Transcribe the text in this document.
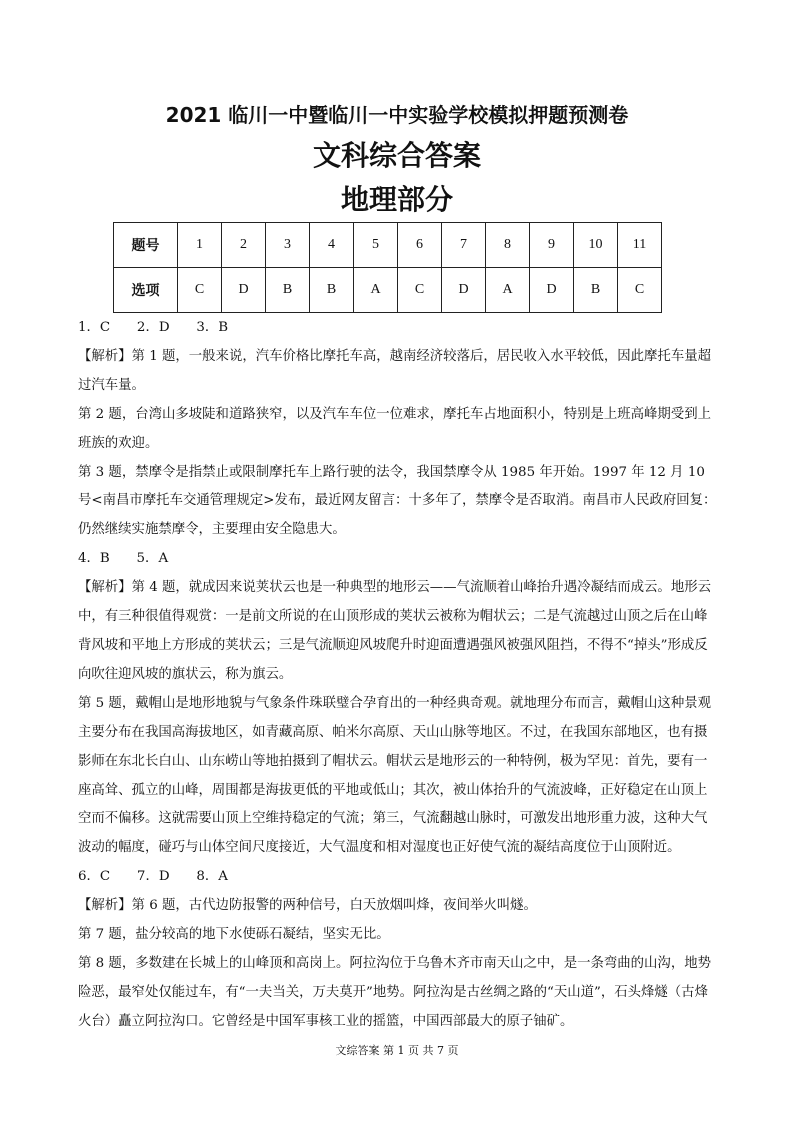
2021 临川一中暨临川一中实验学校模拟押题预测卷
文科综合答案
地理部分
题号	1	2	3	4	5	6	7	8	9	10	11
选项	C	D	B	B	A	C	D	A	D	B	C

1．C　　2．D　　3．B

【解析】第 1 题，一般来说，汽车价格比摩托车高，越南经济较落后，居民收入水平较低，因此摩托车量超过汽车量。

第 2 题，台湾山多坡陡和道路狭窄，以及汽车车位一位难求，摩托车占地面积小，特别是上班高峰期受到上班族的欢迎。

第 3 题，禁摩令是指禁止或限制摩托车上路行驶的法令，我国禁摩令从 1985 年开始。1997 年 12 月 10 号<南昌市摩托车交通管理规定>发布，最近网友留言：十多年了，禁摩令是否取消。南昌市人民政府回复：仍然继续实施禁摩令，主要理由安全隐患大。

4．B　　5．A

【解析】第 4 题，就成因来说荚状云也是一种典型的地形云——气流顺着山峰抬升遇冷凝结而成云。地形云中，有三种很值得观赏：一是前文所说的在山顶形成的荚状云被称为帽状云；二是气流越过山顶之后在山峰背风坡和平地上方形成的荚状云；三是气流顺迎风坡爬升时迎面遭遇强风被强风阻挡，不得不“掉头”形成反向吹往迎风坡的旗状云，称为旗云。

第 5 题，戴帽山是地形地貌与气象条件珠联璧合孕育出的一种经典奇观。就地理分布而言，戴帽山这种景观主要分布在我国高海拔地区，如青藏高原、帕米尔高原、天山山脉等地区。不过，在我国东部地区，也有摄影师在东北长白山、山东崂山等地拍摄到了帽状云。帽状云是地形云的一种特例，极为罕见：首先，要有一座高耸、孤立的山峰，周围都是海拔更低的平地或低山；其次，被山体抬升的气流波峰，正好稳定在山顶上空而不偏移。这就需要山顶上空维持稳定的气流；第三，气流翻越山脉时，可激发出地形重力波，这种大气波动的幅度，碰巧与山体空间尺度接近，大气温度和相对湿度也正好使气流的凝结高度位于山顶附近。

6．C　　7．D　　8．A

【解析】第 6 题，古代边防报警的两种信号，白天放烟叫烽，夜间举火叫燧。

第 7 题，盐分较高的地下水使砾石凝结，坚实无比。

第 8 题，多数建在长城上的山峰顶和高岗上。阿拉沟位于乌鲁木齐市南天山之中，是一条弯曲的山沟，地势险恶，最窄处仅能过车，有“一夫当关，万夫莫开”地势。阿拉沟是古丝绸之路的“天山道”，石头烽燧（古烽火台）矗立阿拉沟口。它曾经是中国军事核工业的摇篮，中国西部最大的原子铀矿。

文综答案 第 1 页 共 7 页
